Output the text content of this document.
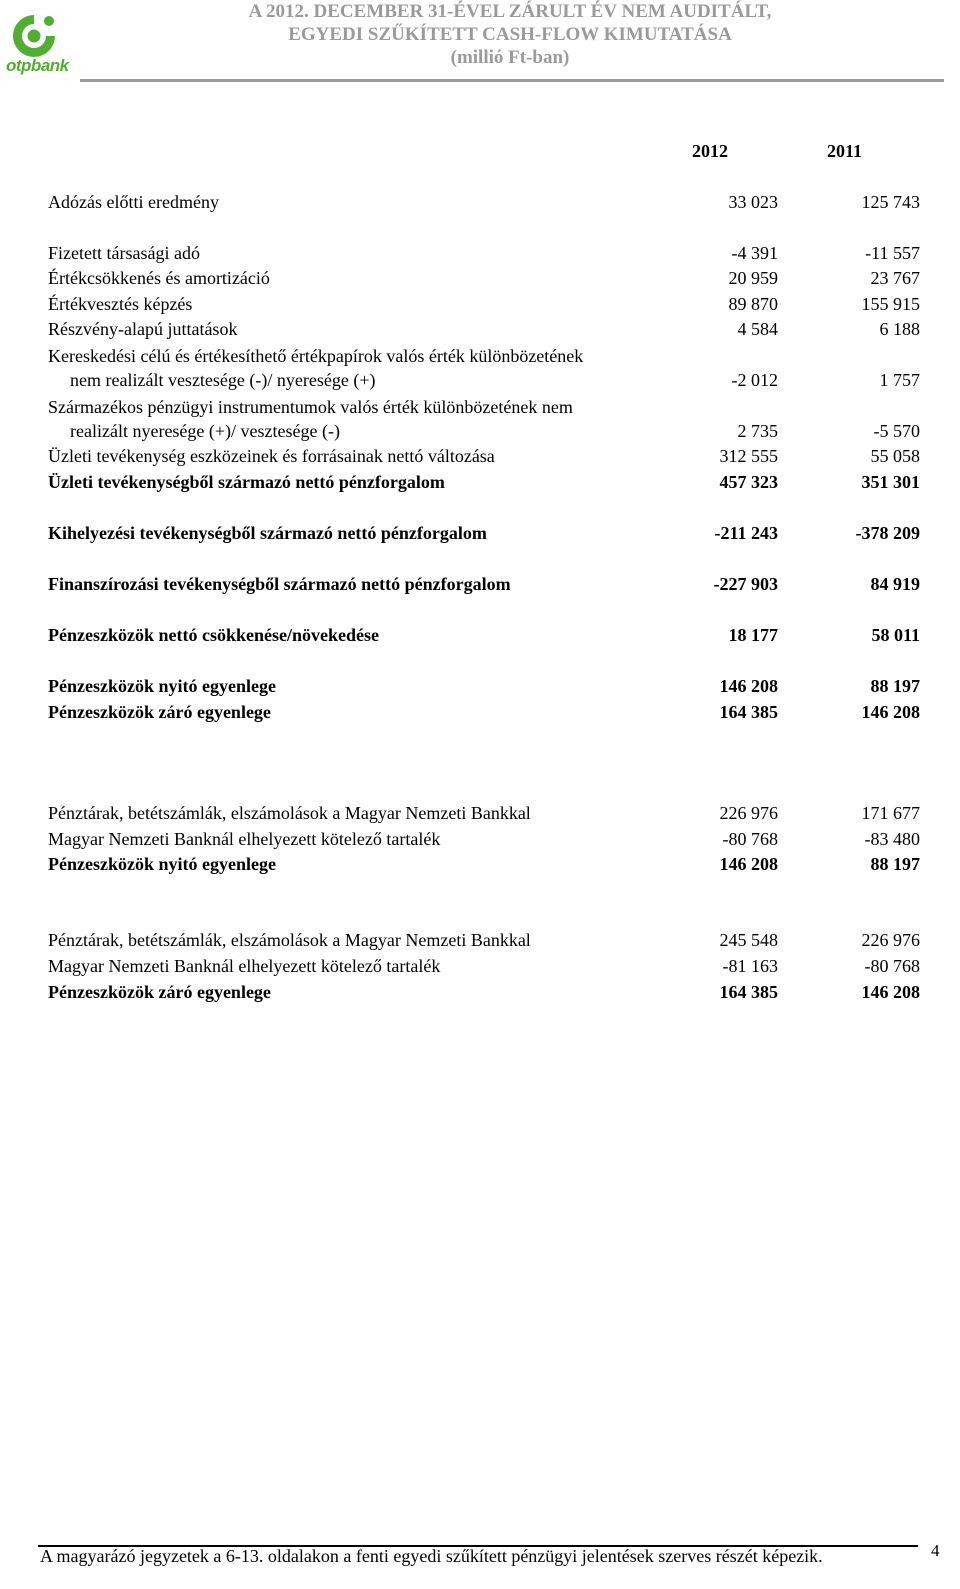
otpbank
A 2012. DECEMBER 31-ÉVEL ZÁRULT ÉV NEM AUDITÁLT,
EGYEDI SZŰKÍTETT CASH-FLOW KIMUTATÁSA
(millió Ft-ban)
2012	2011
Adózás előtti eredmény	33 023	125 743
Fizetett társasági adó	-4 391	-11 557
Értékcsökkenés és amortizáció	20 959	23 767
Értékvesztés képzés	89 870	155 915
Részvény-alapú juttatások	4 584	6 188
Kereskedési célú és értékesíthető értékpapírok valós érték különbözetének
nem realizált vesztesége (-)/ nyeresége (+)	-2 012	1 757
Származékos pénzügyi instrumentumok valós érték különbözetének nem
realizált nyeresége (+)/ vesztesége (-)	2 735	-5 570
Üzleti tevékenység eszközeinek és forrásainak nettó változása	312 555	55 058
Üzleti tevékenységből származó nettó pénzforgalom	457 323	351 301
Kihelyezési tevékenységből származó nettó pénzforgalom	-211 243	-378 209
Finanszírozási tevékenységből származó nettó pénzforgalom	-227 903	84 919
Pénzeszközök nettó csökkenése/növekedése	18 177	58 011
Pénzeszközök nyitó egyenlege	146 208	88 197
Pénzeszközök záró egyenlege	164 385	146 208
Pénztárak, betétszámlák, elszámolások a Magyar Nemzeti Bankkal	226 976	171 677
Magyar Nemzeti Banknál elhelyezett kötelező tartalék	-80 768	-83 480
Pénzeszközök nyitó egyenlege	146 208	88 197
Pénztárak, betétszámlák, elszámolások a Magyar Nemzeti Bankkal	245 548	226 976
Magyar Nemzeti Banknál elhelyezett kötelező tartalék	-81 163	-80 768
Pénzeszközök záró egyenlege	164 385	146 208
A magyarázó jegyzetek a 6-13. oldalakon a fenti egyedi szűkített pénzügyi jelentések szerves részét képezik.	4
